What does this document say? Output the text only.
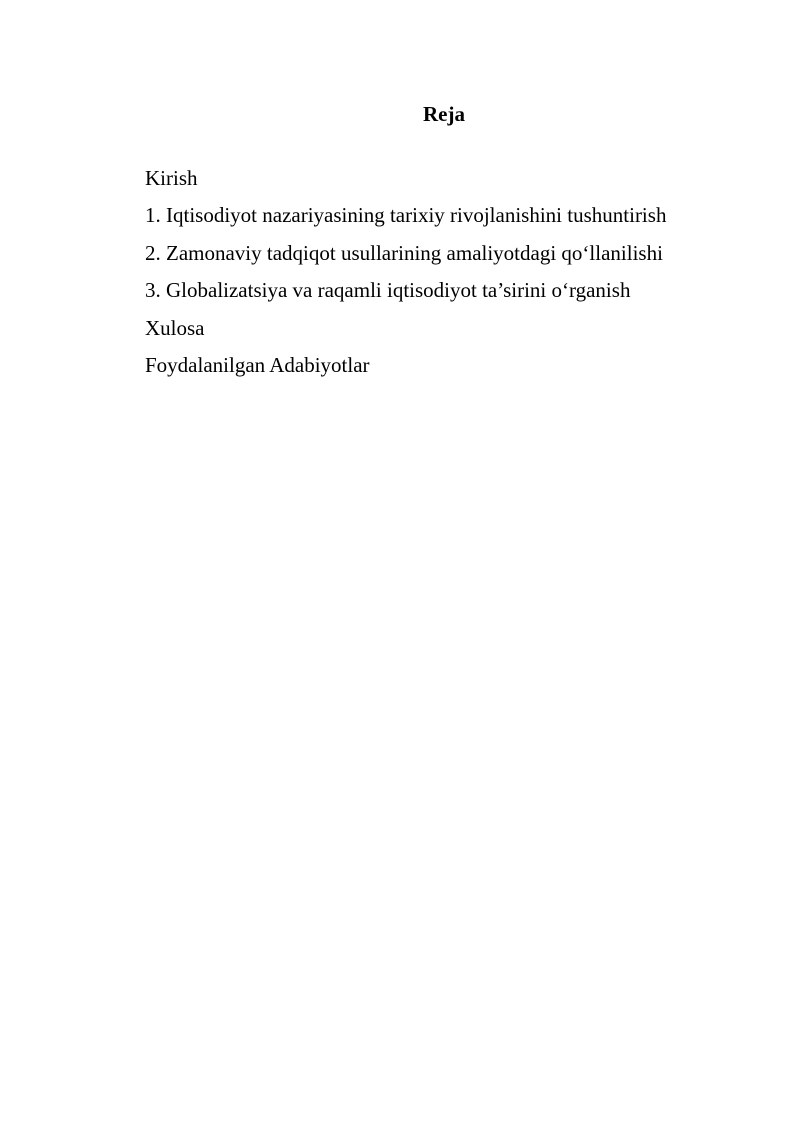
Reja
Kirish
1. Iqtisodiyot nazariyasining tarixiy rivojlanishini tushuntirish
2. Zamonaviy tadqiqot usullarining amaliyotdagi qo‘llanilishi
3. Globalizatsiya va raqamli iqtisodiyot ta’sirini o‘rganish
Xulosa
Foydalanilgan Adabiyotlar
